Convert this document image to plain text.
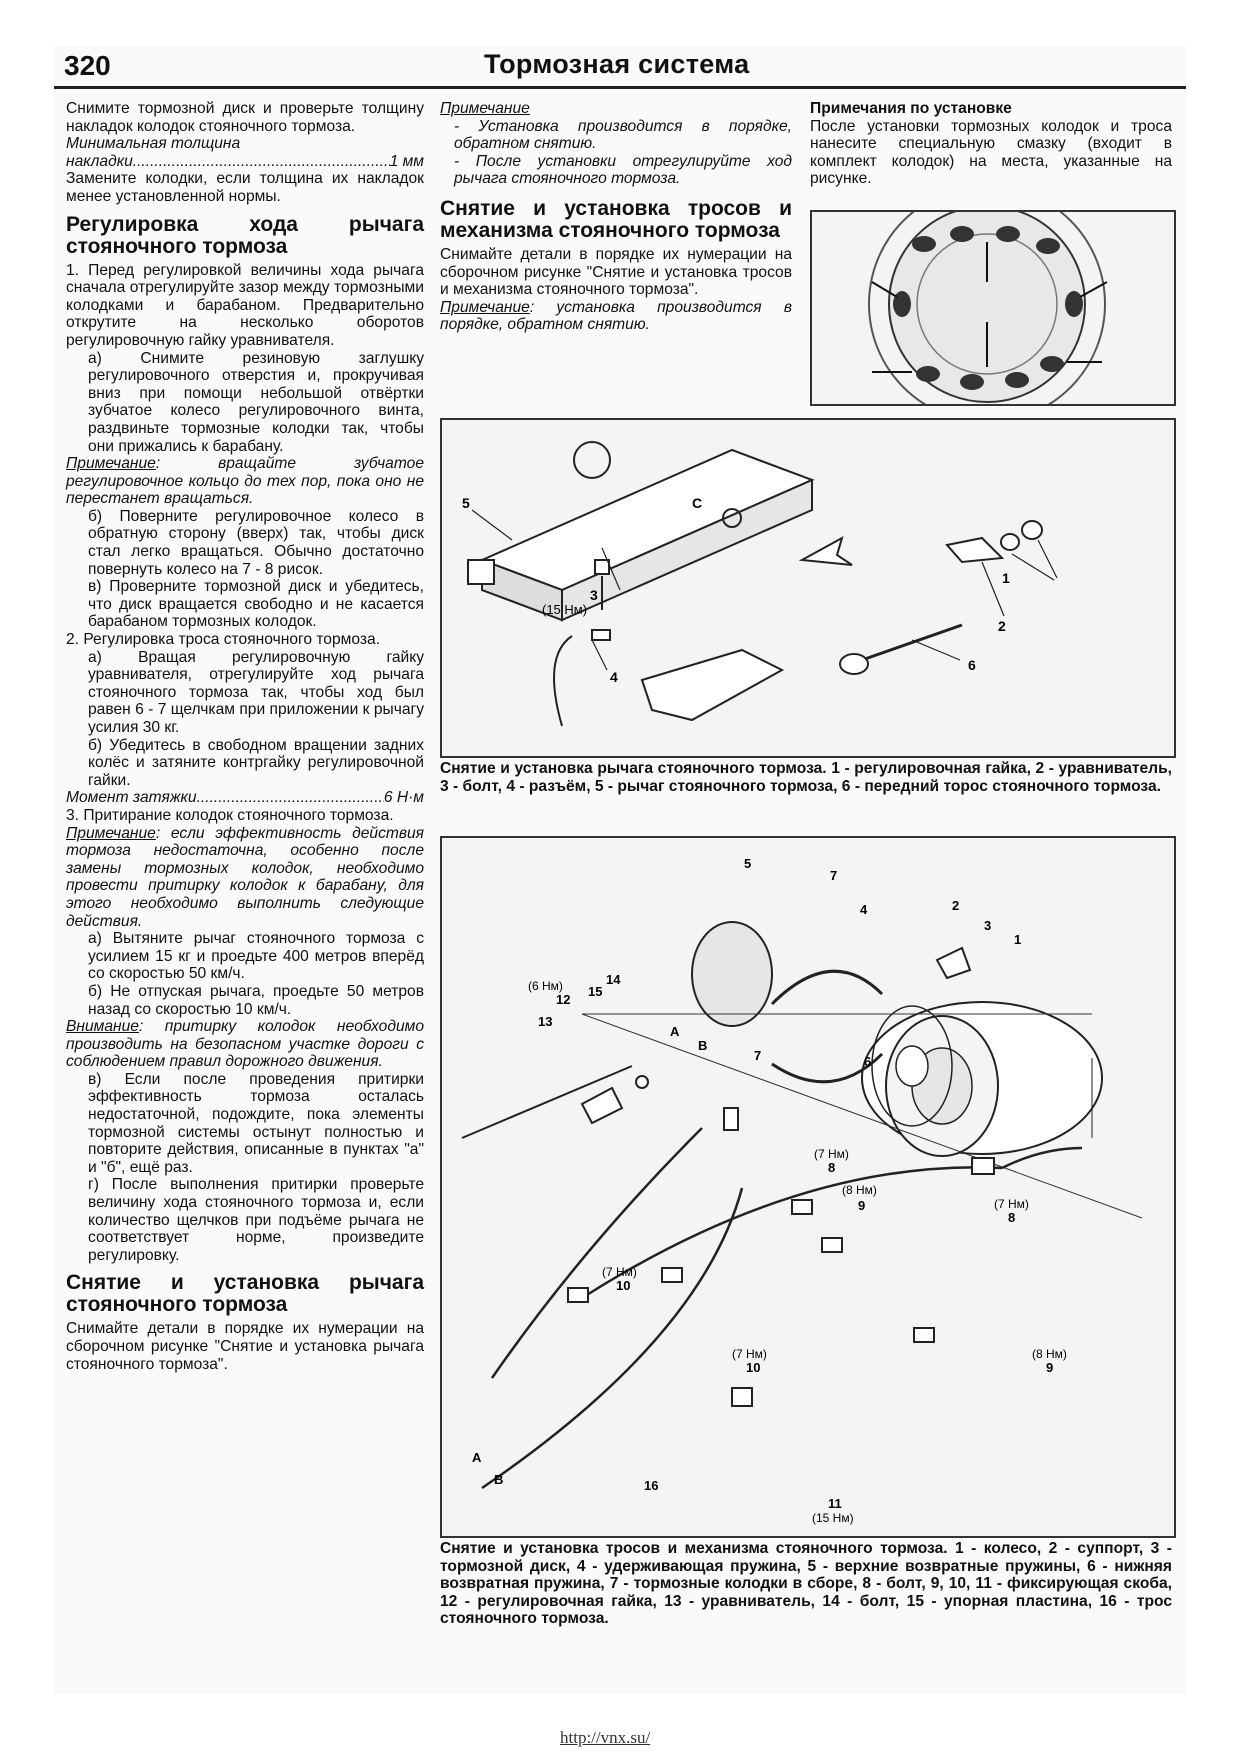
320	Тормозная система

Снимите тормозной диск и проверьте толщину накладок колодок стояночного тормоза.

Минимальная толщина

накладки .....	1 мм

Замените колодки, если толщина их накладок менее установленной нормы.

Регулировка хода рычага стояночного тормоза

1. Перед регулировкой величины хода рычага сначала отрегулируйте зазор между тормозными колодками и барабаном. Предварительно открутите на несколько оборотов регулировочную гайку уравнивателя.

а) Снимите резиновую заглушку регулировочного отверстия и, прокручивая вниз при помощи небольшой отвёртки зубчатое колесо регулировочного винта, раздвиньте тормозные колодки так, чтобы они прижались к барабану.

Примечание: вращайте зубчатое регулировочное кольцо до тех пор, пока оно не перестанет вращаться.

б) Поверните регулировочное колесо в обратную сторону (вверх) так, чтобы диск стал легко вращаться. Обычно достаточно повернуть колесо на 7 - 8 рисок.

в) Проверните тормозной диск и убедитесь, что диск вращается свободно и не касается барабаном тормозных колодок.

2. Регулировка троса стояночного тормоза.

а) Вращая регулировочную гайку уравнивателя, отрегулируйте ход рычага стояночного тормоза так, чтобы ход был равен 6 - 7 щелчкам при приложении к рычагу усилия 30 кг.

б) Убедитесь в свободном вращении задних колёс и затяните контргайку регулировочной гайки.

Момент затяжки .....	6 Н·м

3. Притирание колодок стояночного тормоза.

Примечание: если эффективность действия тормоза недостаточна, особенно после замены тормозных колодок, необходимо провести притирку колодок к барабану, для этого необходимо выполнить следующие действия.

а) Вытяните рычаг стояночного тормоза с усилием 15 кг и проедьте 400 метров вперёд со скоростью 50 км/ч.

б) Не отпуская рычага, проедьте 50 метров назад со скоростью 10 км/ч.

Внимание: притирку колодок необходимо производить на безопасном участке дороги с соблюдением правил дорожного движения.

в) Если после проведения притирки эффективность тормоза осталась недостаточной, подождите, пока элементы тормозной системы остынут полностью и повторите действия, описанные в пунктах "а" и "б", ещё раз.

г) После выполнения притирки проверьте величину хода стояночного тормоза и, если количество щелчков при подъёме рычага не соответствует норме, произведите регулировку.

Снятие и установка рычага стояночного тормоза

Снимайте детали в порядке их нумерации на сборочном рисунке "Снятие и установка рычага стояночного тормоза".

Примечание

- Установка производится в порядке, обратном снятию.

- После установки отрегулируйте ход рычага стояночного тормоза.

Снятие и установка тросов и механизма стояночного тормоза

Снимайте детали в порядке их нумерации на сборочном рисунке "Снятие и установка тросов и механизма стояночного тормоза".

Примечание: установка производится в порядке, обратном снятию.

Примечания по установке

После установки тормозных колодок и троса нанесите специальную смазку (входит в комплект колодок) на места, указанные на рисунке.

1
2
3
(15 Нм)
4
5
6
C
Снятие и установка рычага стояночного тормоза. 1 - регулировочная гайка, 2 - уравниватель, 3 - болт, 4 - разъём, 5 - рычаг стояночного тормоза, 6 - передний торос стояночного тормоза.
5
7
4	2
3
1
(6 Нм)	14
12
15
13
A
B
7	6
(7 Нм)
8
(8 Нм)
9	(7 Нм)
8
(7 Нм)
10
(7 Нм)
10
(8 Нм)
9
A
B	16
11
(15 Нм)
Снятие и установка тросов и механизма стояночного тормоза. 1 - колесо, 2 - суппорт, 3 - тормозной диск, 4 - удерживающая пружина, 5 - верхние возвратные пружины, 6 - нижняя возвратная пружина, 7 - тормозные колодки в сборе, 8 - болт, 9, 10, 11 - фиксирующая скоба, 12 - регулировочная гайка, 13 - уравниватель, 14 - болт, 15 - упорная пластина, 16 - трос стояночного тормоза.
http://vnx.su/
